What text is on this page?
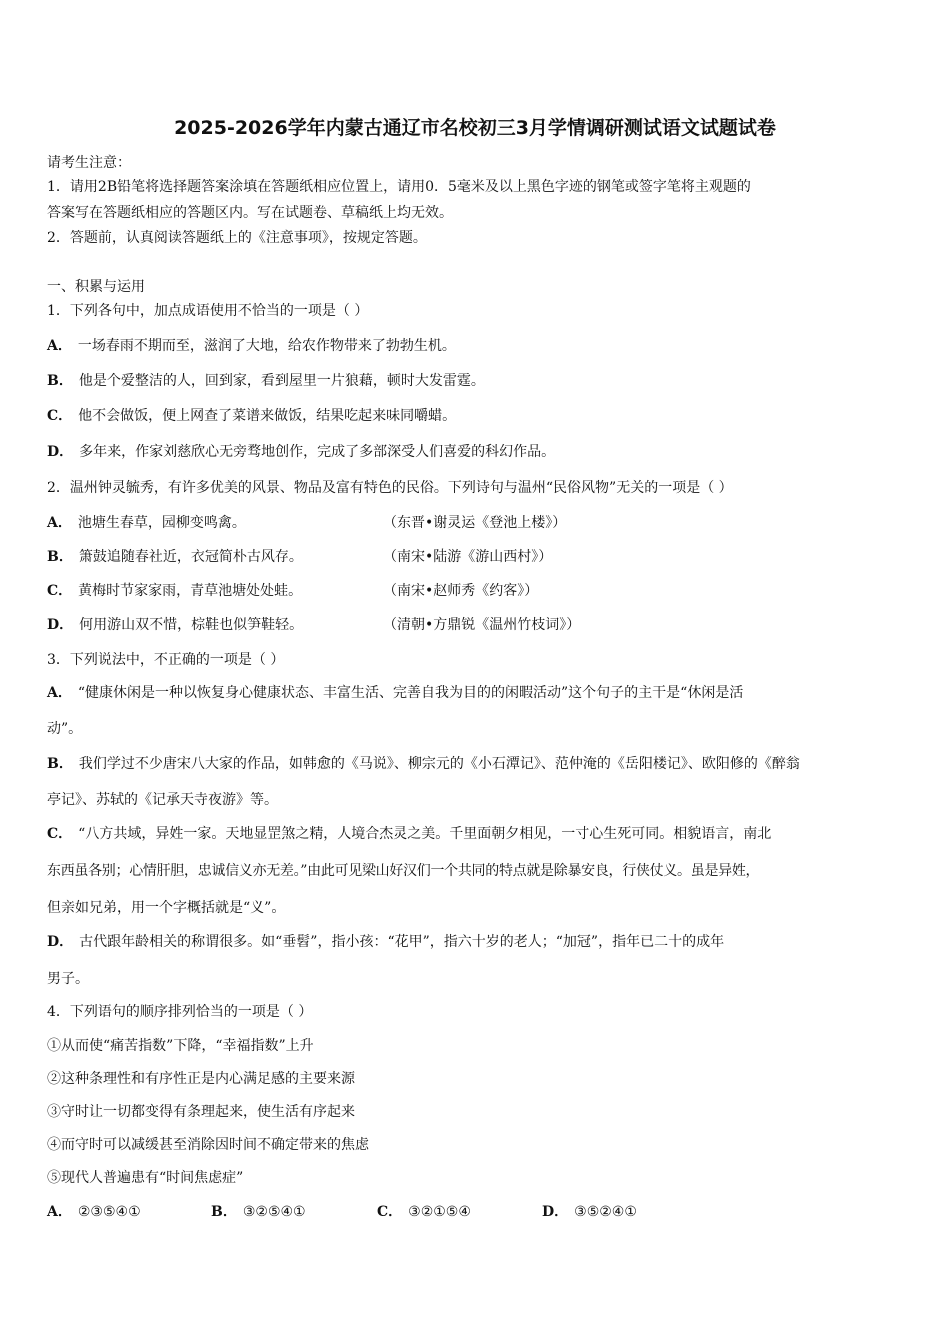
2025-2026学年内蒙古通辽市名校初三3月学情调研测试语文试题试卷
请考生注意：
1．请用2B铅笔将选择题答案涂填在答题纸相应位置上，请用0．5毫米及以上黑色字迹的钢笔或签字笔将主观题的
答案写在答题纸相应的答题区内。写在试题卷、草稿纸上均无效。
2．答题前，认真阅读答题纸上的《注意事项》，按规定答题。
一、积累与运用
1．下列各句中，加点成语使用不恰当的一项是（ ）
A． 一场春雨不期而至，滋润了大地，给农作物带来了勃勃生机。
B． 他是个爱整洁的人，回到家，看到屋里一片狼藉，顿时大发雷霆。
C． 他不会做饭，便上网查了菜谱来做饭，结果吃起来味同嚼蜡。
D． 多年来，作家刘慈欣心无旁骛地创作，完成了多部深受人们喜爱的科幻作品。
2．温州钟灵毓秀，有许多优美的风景、物品及富有特色的民俗。下列诗句与温州“民俗风物”无关的一项是（ ）
A． 池塘生春草，园柳变鸣禽。	（东晋•谢灵运《登池上楼》）
B． 箫鼓追随春社近，衣冠简朴古风存。	（南宋•陆游《游山西村》）
C． 黄梅时节家家雨，青草池塘处处蛙。	（南宋•赵师秀《约客》）
D． 何用游山双不惜，棕鞋也似笋鞋轻。	（清朝•方鼎锐《温州竹枝词》）
3．下列说法中，不正确的一项是（ ）
A． “健康休闲是一种以恢复身心健康状态、丰富生活、完善自我为目的的闲暇活动”这个句子的主干是“休闲是活
动”。
B． 我们学过不少唐宋八大家的作品，如韩愈的《马说》、柳宗元的《小石潭记》、范仲淹的《岳阳楼记》、欧阳修的《醉翁
亭记》、苏轼的《记承天寺夜游》等。
C． “八方共域，异姓一家。天地显罡煞之精，人境合杰灵之美。千里面朝夕相见，一寸心生死可同。相貌语言，南北
东西虽各别；心情肝胆，忠诚信义亦无差。”由此可见梁山好汉们一个共同的特点就是除暴安良，行侠仗义。虽是异姓，
但亲如兄弟，用一个字概括就是“义”。
D． 古代跟年龄相关的称谓很多。如“垂髫”，指小孩：“花甲”，指六十岁的老人；“加冠”，指年已二十的成年
男子。
4．下列语句的顺序排列恰当的一项是（ ）
①从而使“痛苦指数”下降，“幸福指数”上升
②这种条理性和有序性正是内心满足感的主要来源
③守时让一切都变得有条理起来，使生活有序起来
④而守时可以减缓甚至消除因时间不确定带来的焦虑
⑤现代人普遍患有“时间焦虑症”
A． ②③⑤④①	B． ③②⑤④①	C． ③②①⑤④	D． ③⑤②④①
